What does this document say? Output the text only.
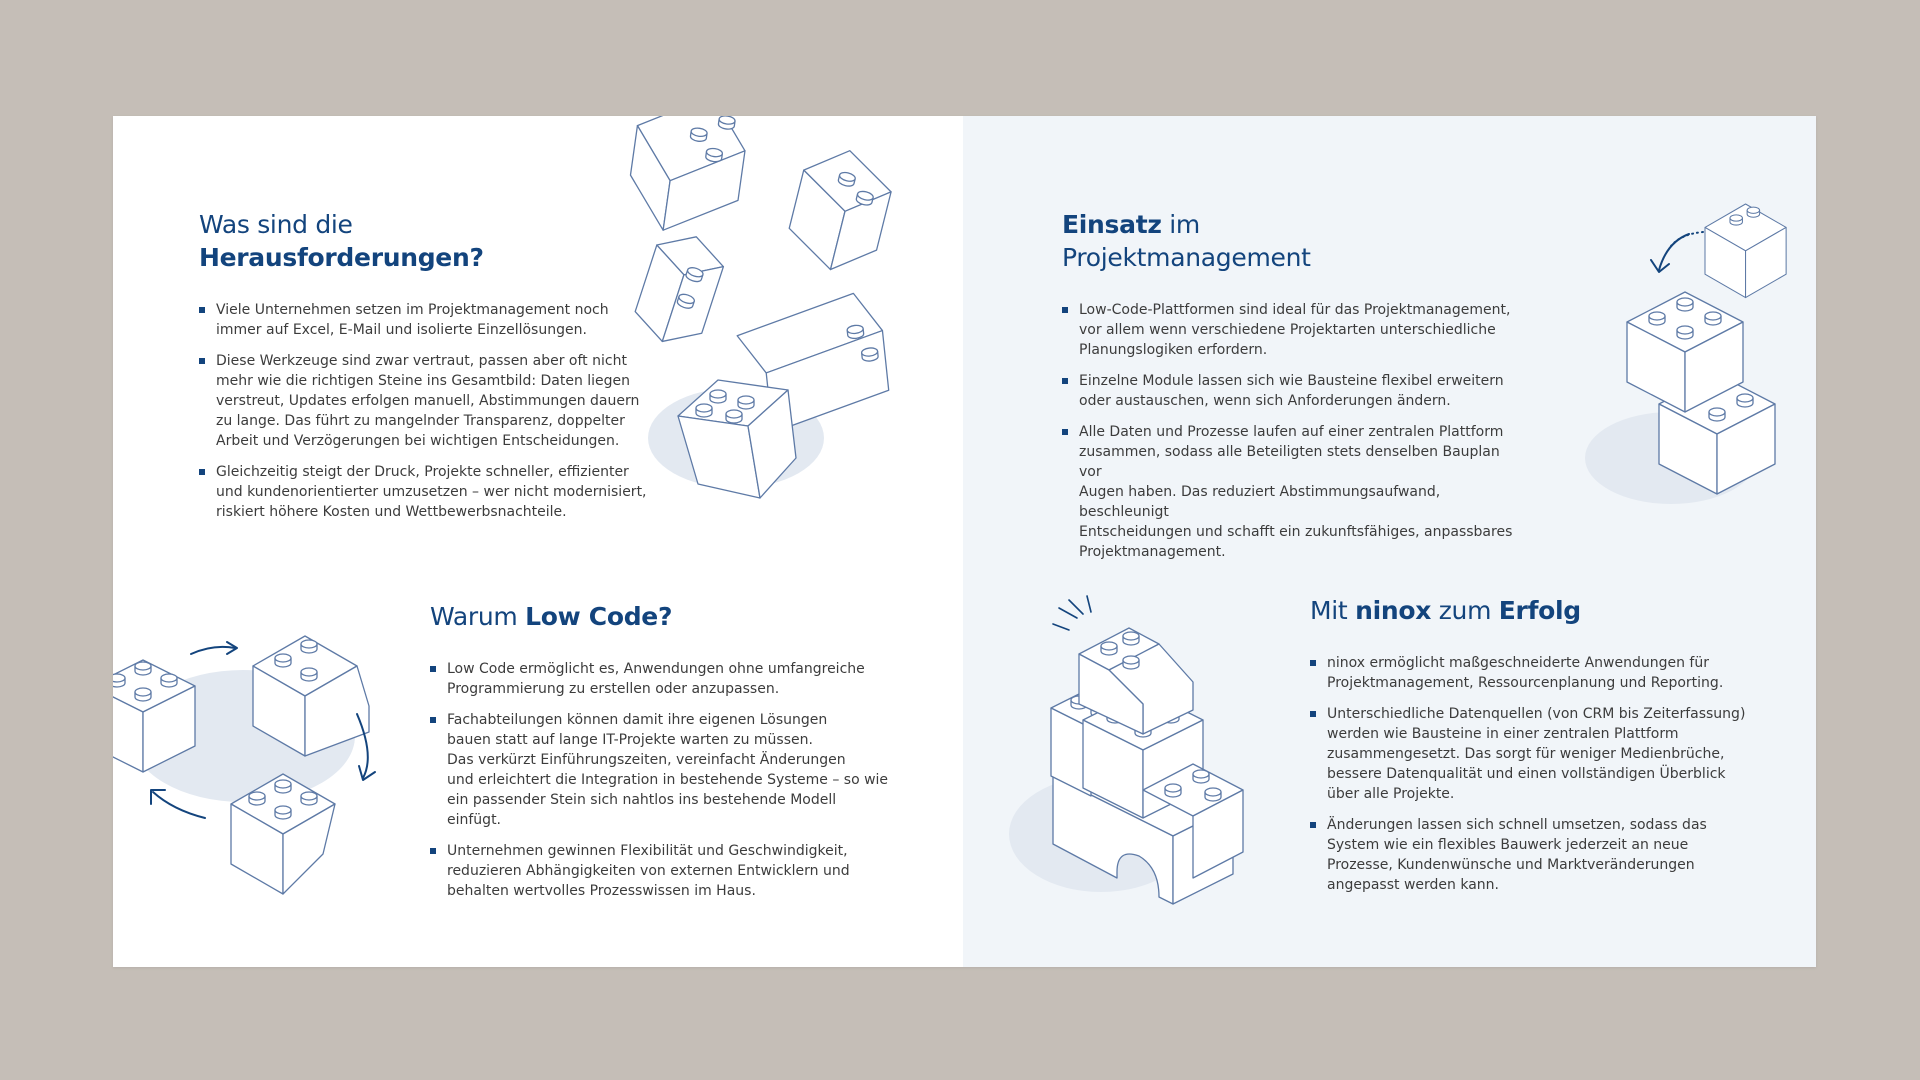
Was sind die
Herausforderungen?
Viele Unternehmen setzen im Projektmanagement noch
immer auf Excel, E-Mail und isolierte Einzellösungen.
Diese Werkzeuge sind zwar vertraut, passen aber oft nicht
mehr wie die richtigen Steine ins Gesamtbild: Daten liegen
verstreut, Updates erfolgen manuell, Abstimmungen dauern
zu lange. Das führt zu mangelnder Transparenz, doppelter
Arbeit und Verzögerungen bei wichtigen Entscheidungen.
Gleichzeitig steigt der Druck, Projekte schneller, effizienter
und kundenorientierter umzusetzen – wer nicht modernisiert,
riskiert höhere Kosten und Wettbewerbsnachteile.
Warum Low Code?
Low Code ermöglicht es, Anwendungen ohne umfangreiche
Programmierung zu erstellen oder anzupassen.
Fachabteilungen können damit ihre eigenen Lösungen
bauen statt auf lange IT-Projekte warten zu müssen.
Das verkürzt Einführungszeiten, vereinfacht Änderungen
und erleichtert die Integration in bestehende Systeme – so wie
ein passender Stein sich nahtlos ins bestehende Modell einfügt.
Unternehmen gewinnen Flexibilität und Geschwindigkeit,
reduzieren Abhängigkeiten von externen Entwicklern und
behalten wertvolles Prozesswissen im Haus.
Einsatz im
Projektmanagement
Low-Code-Plattformen sind ideal für das Projektmanagement,
vor allem wenn verschiedene Projektarten unterschiedliche
Planungslogiken erfordern.
Einzelne Module lassen sich wie Bausteine flexibel erweitern
oder austauschen, wenn sich Anforderungen ändern.
Alle Daten und Prozesse laufen auf einer zentralen Plattform
zusammen, sodass alle Beteiligten stets denselben Bauplan vor
Augen haben. Das reduziert Abstimmungsaufwand, beschleunigt
Entscheidungen und schafft ein zukunftsfähiges, anpassbares
Projektmanagement.
Mit ninox zum Erfolg
ninox ermöglicht maßgeschneiderte Anwendungen für
Projektmanagement, Ressourcenplanung und Reporting.
Unterschiedliche Datenquellen (von CRM bis Zeiterfassung)
werden wie Bausteine in einer zentralen Plattform
zusammengesetzt. Das sorgt für weniger Medienbrüche,
bessere Datenqualität und einen vollständigen Überblick
über alle Projekte.
Änderungen lassen sich schnell umsetzen, sodass das
System wie ein flexibles Bauwerk jederzeit an neue
Prozesse, Kundenwünsche und Marktveränderungen
angepasst werden kann.
